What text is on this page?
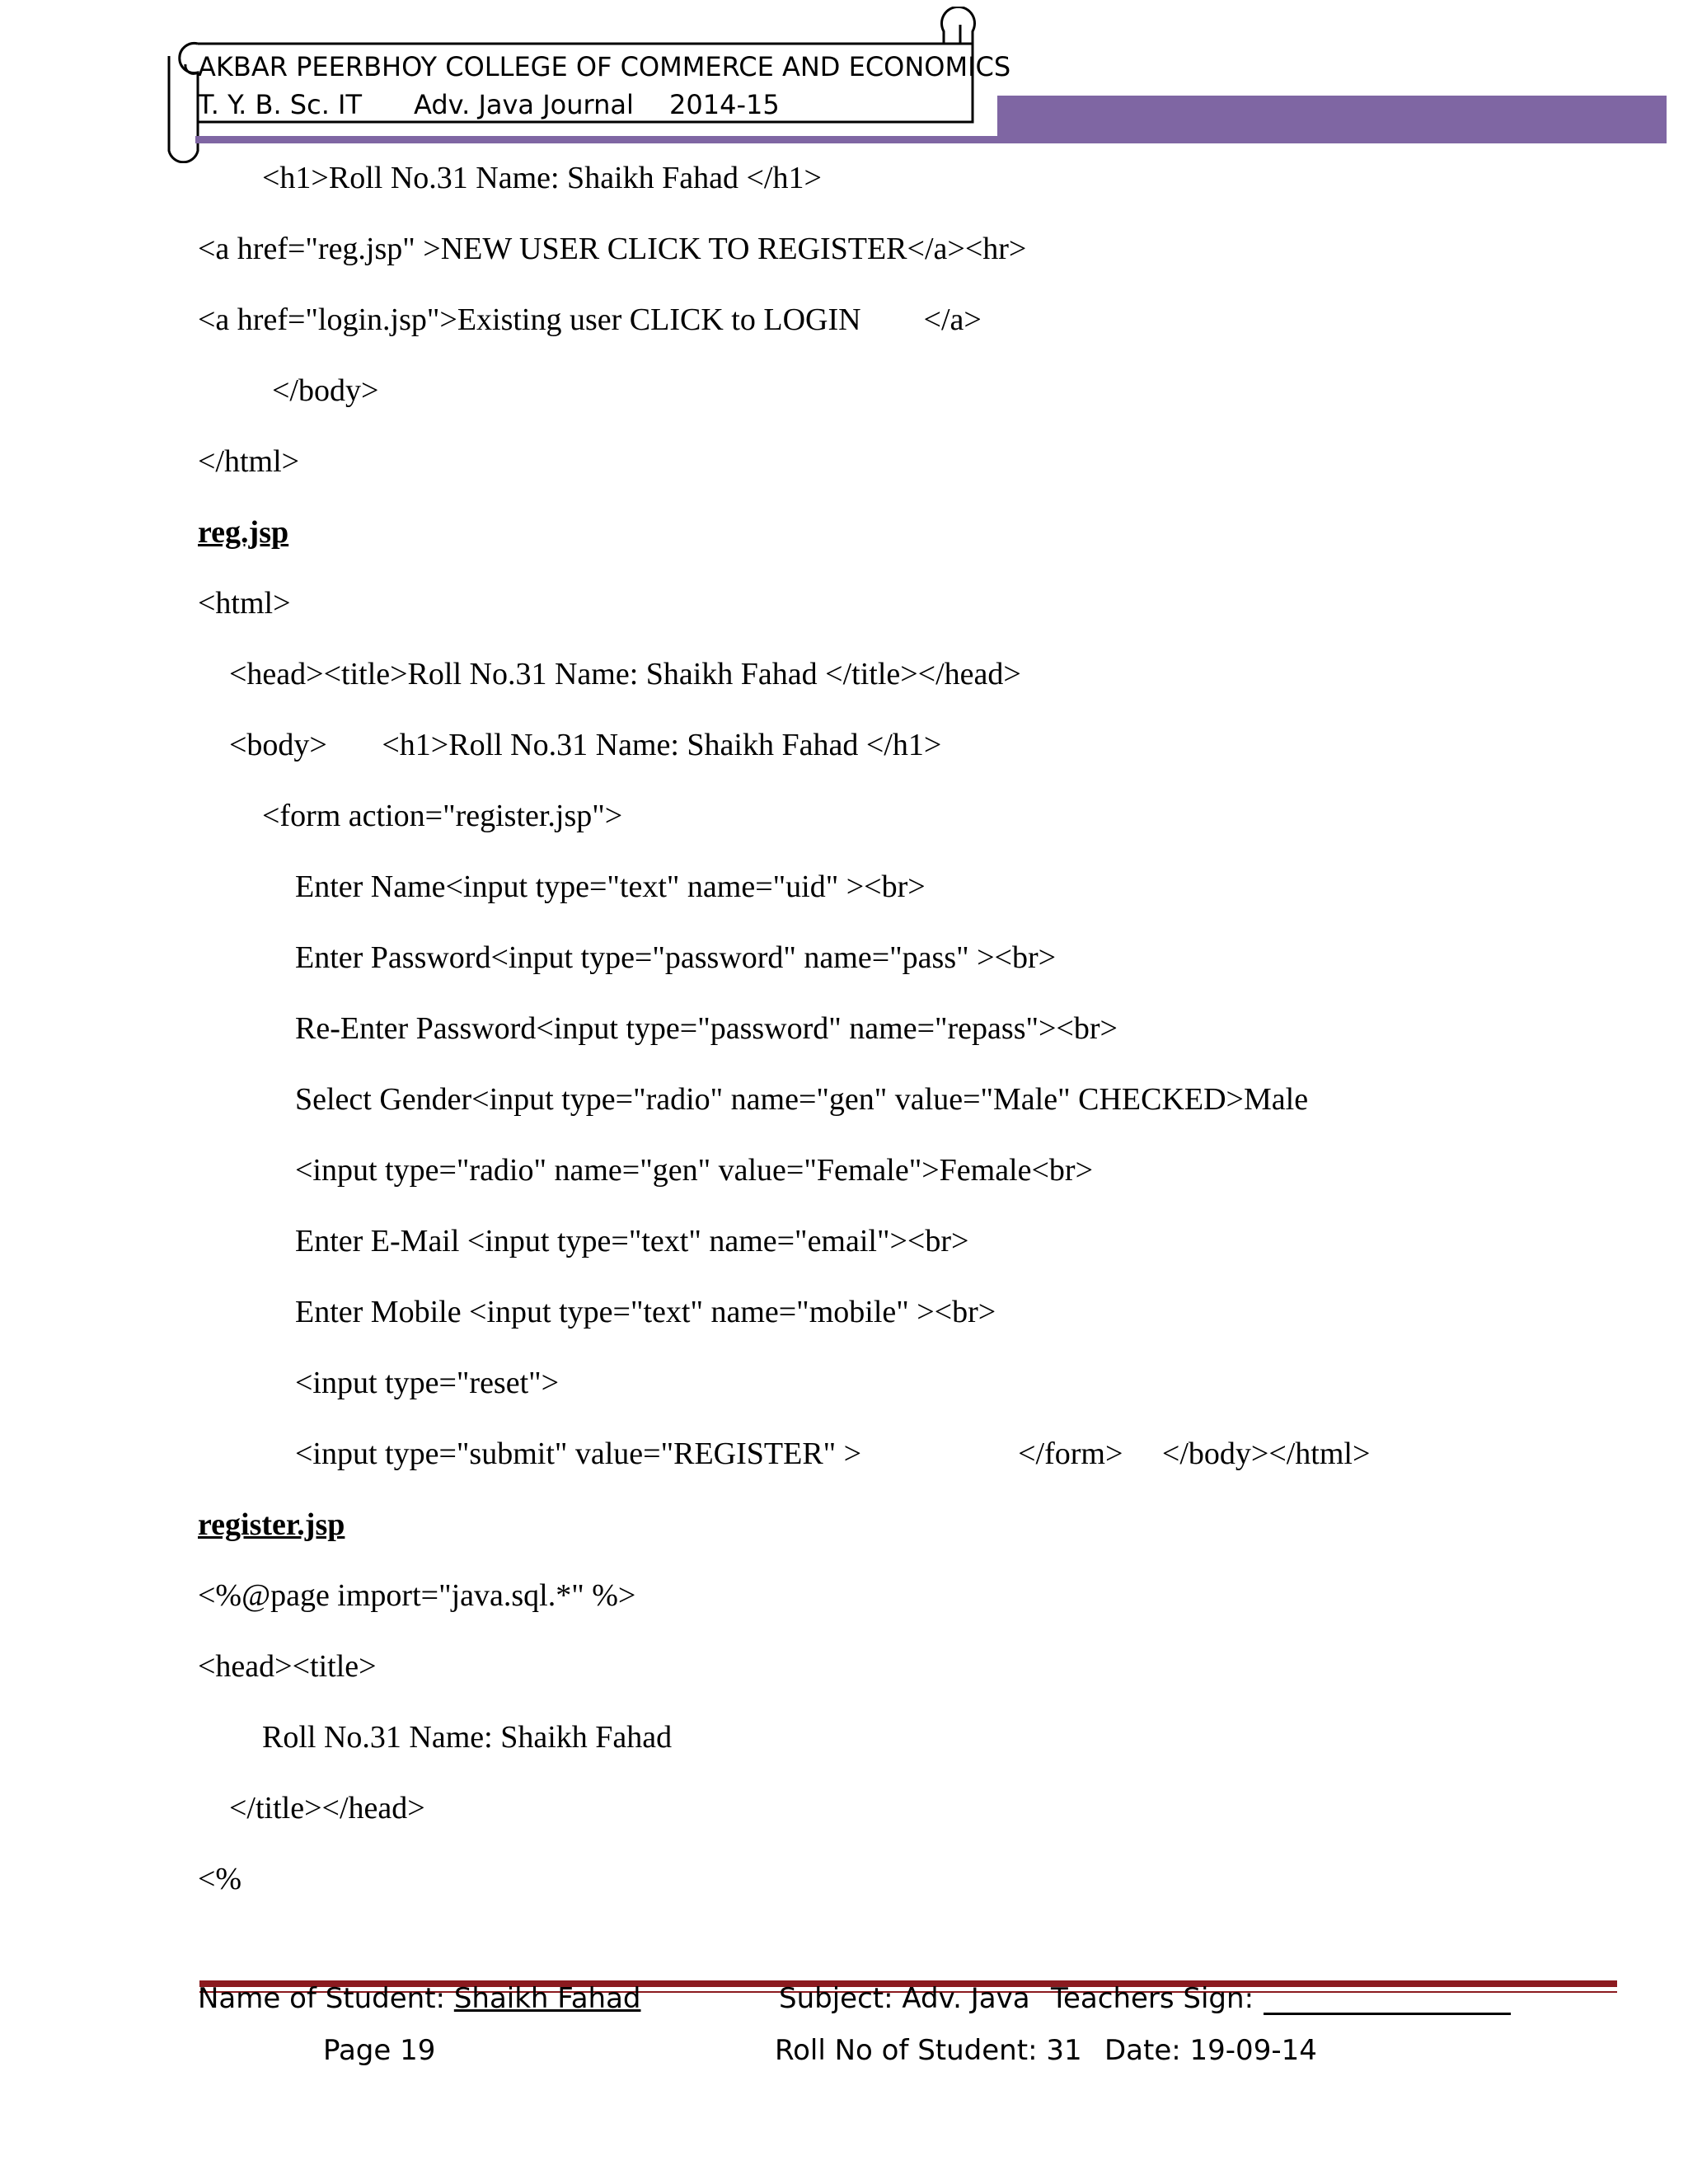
AKBAR PEERBHOY COLLEGE OF COMMERCE AND ECONOMICS
T. Y. B. Sc. IT Adv. Java Journal 2014-15
<h1>Roll No.31 Name: Shaikh Fahad </h1>
<a href="reg.jsp" >NEW USER CLICK TO REGISTER</a><hr>
<a href="login.jsp">Existing user CLICK to LOGIN        </a>
</body>
</html>
reg.jsp
<html>
<head><title>Roll No.31 Name: Shaikh Fahad </title></head>
<body>       <h1>Roll No.31 Name: Shaikh Fahad </h1>
<form action="register.jsp">
Enter Name<input type="text" name="uid" ><br>
Enter Password<input type="password" name="pass" ><br>
Re-Enter Password<input type="password" name="repass"><br>
Select Gender<input type="radio" name="gen" value="Male" CHECKED>Male
<input type="radio" name="gen" value="Female">Female<br>
Enter E-Mail <input type="text" name="email"><br>
Enter Mobile <input type="text" name="mobile" ><br>
<input type="reset">
<input type="submit" value="REGISTER" >                    </form>     </body></html>
register.jsp
<%@page import="java.sql.*" %>
<head><title>
Roll No.31 Name: Shaikh Fahad
</title></head>
<%
Name of Student: Shaikh Fahad	Subject: Adv. Java Teachers Sign:
Page 19	Roll No of Student: 31 Date: 19-09-14
